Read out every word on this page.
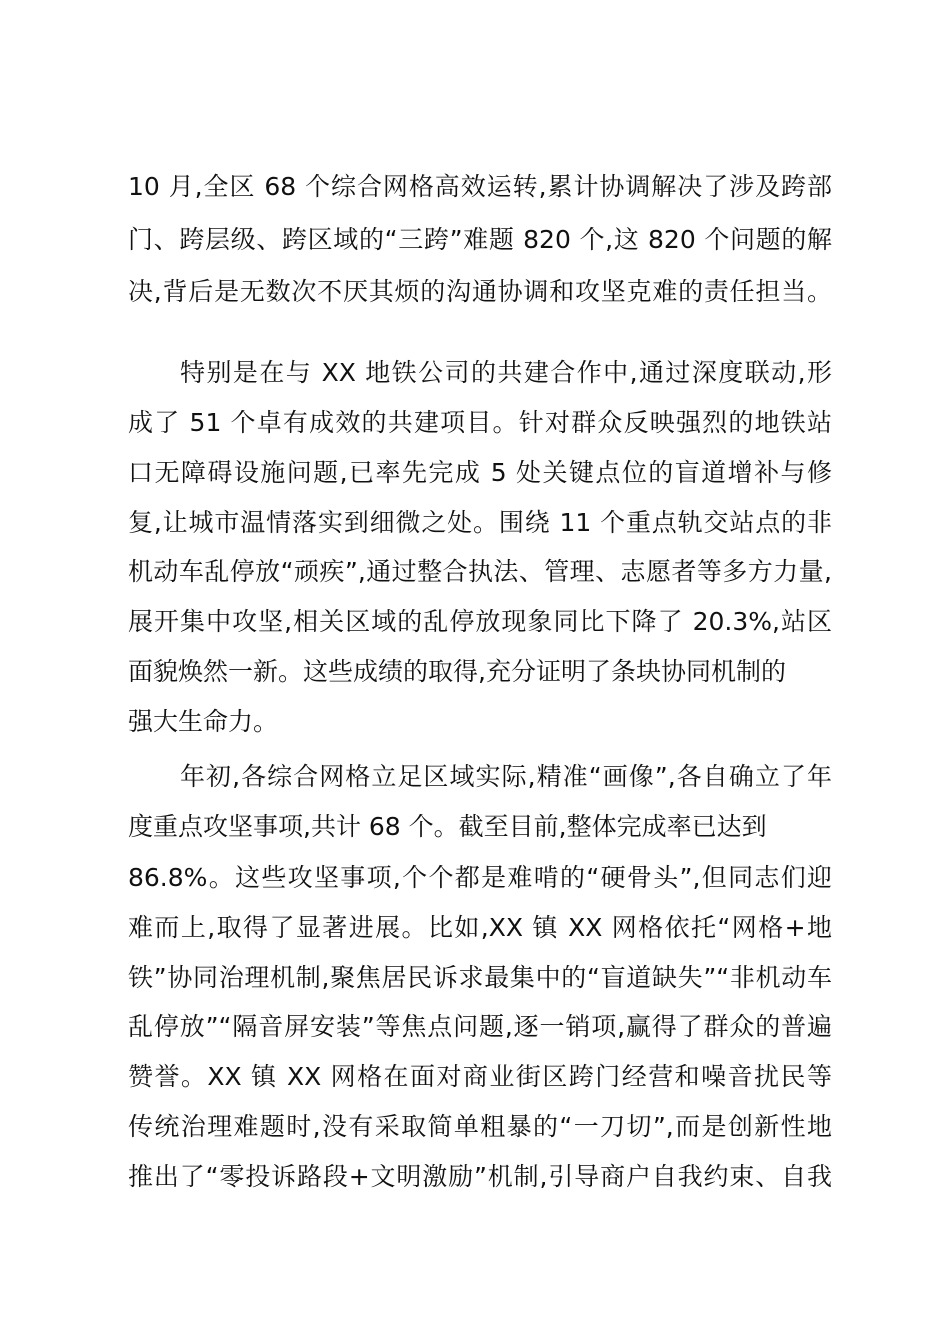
10 月,全区 68 个综合网格高效运转,累计协调解决了涉及跨部
门、跨层级、跨区域的“三跨”难题 820 个,这 820 个问题的解
决,背后是无数次不厌其烦的沟通协调和攻坚克难的责任担当。
特别是在与 XX 地铁公司的共建合作中,通过深度联动,形
成了 51 个卓有成效的共建项目。针对群众反映强烈的地铁站
口无障碍设施问题,已率先完成 5 处关键点位的盲道增补与修
复,让城市温情落实到细微之处。围绕 11 个重点轨交站点的非
机动车乱停放“顽疾”,通过整合执法、管理、志愿者等多方力量,
展开集中攻坚,相关区域的乱停放现象同比下降了 20.3%,站区
面貌焕然一新。这些成绩的取得,充分证明了条块协同机制的
强大生命力。
年初,各综合网格立足区域实际,精准“画像”,各自确立了年
度重点攻坚事项,共计 68 个。截至目前,整体完成率已达到
86.8%。这些攻坚事项,个个都是难啃的“硬骨头”,但同志们迎
难而上,取得了显著进展。比如,XX 镇 XX 网格依托“网格+地
铁”协同治理机制,聚焦居民诉求最集中的“盲道缺失”“非机动车
乱停放”“隔音屏安装”等焦点问题,逐一销项,赢得了群众的普遍
赞誉。XX 镇 XX 网格在面对商业街区跨门经营和噪音扰民等
传统治理难题时,没有采取简单粗暴的“一刀切”,而是创新性地
推出了“零投诉路段+文明激励”机制,引导商户自我约束、自我
